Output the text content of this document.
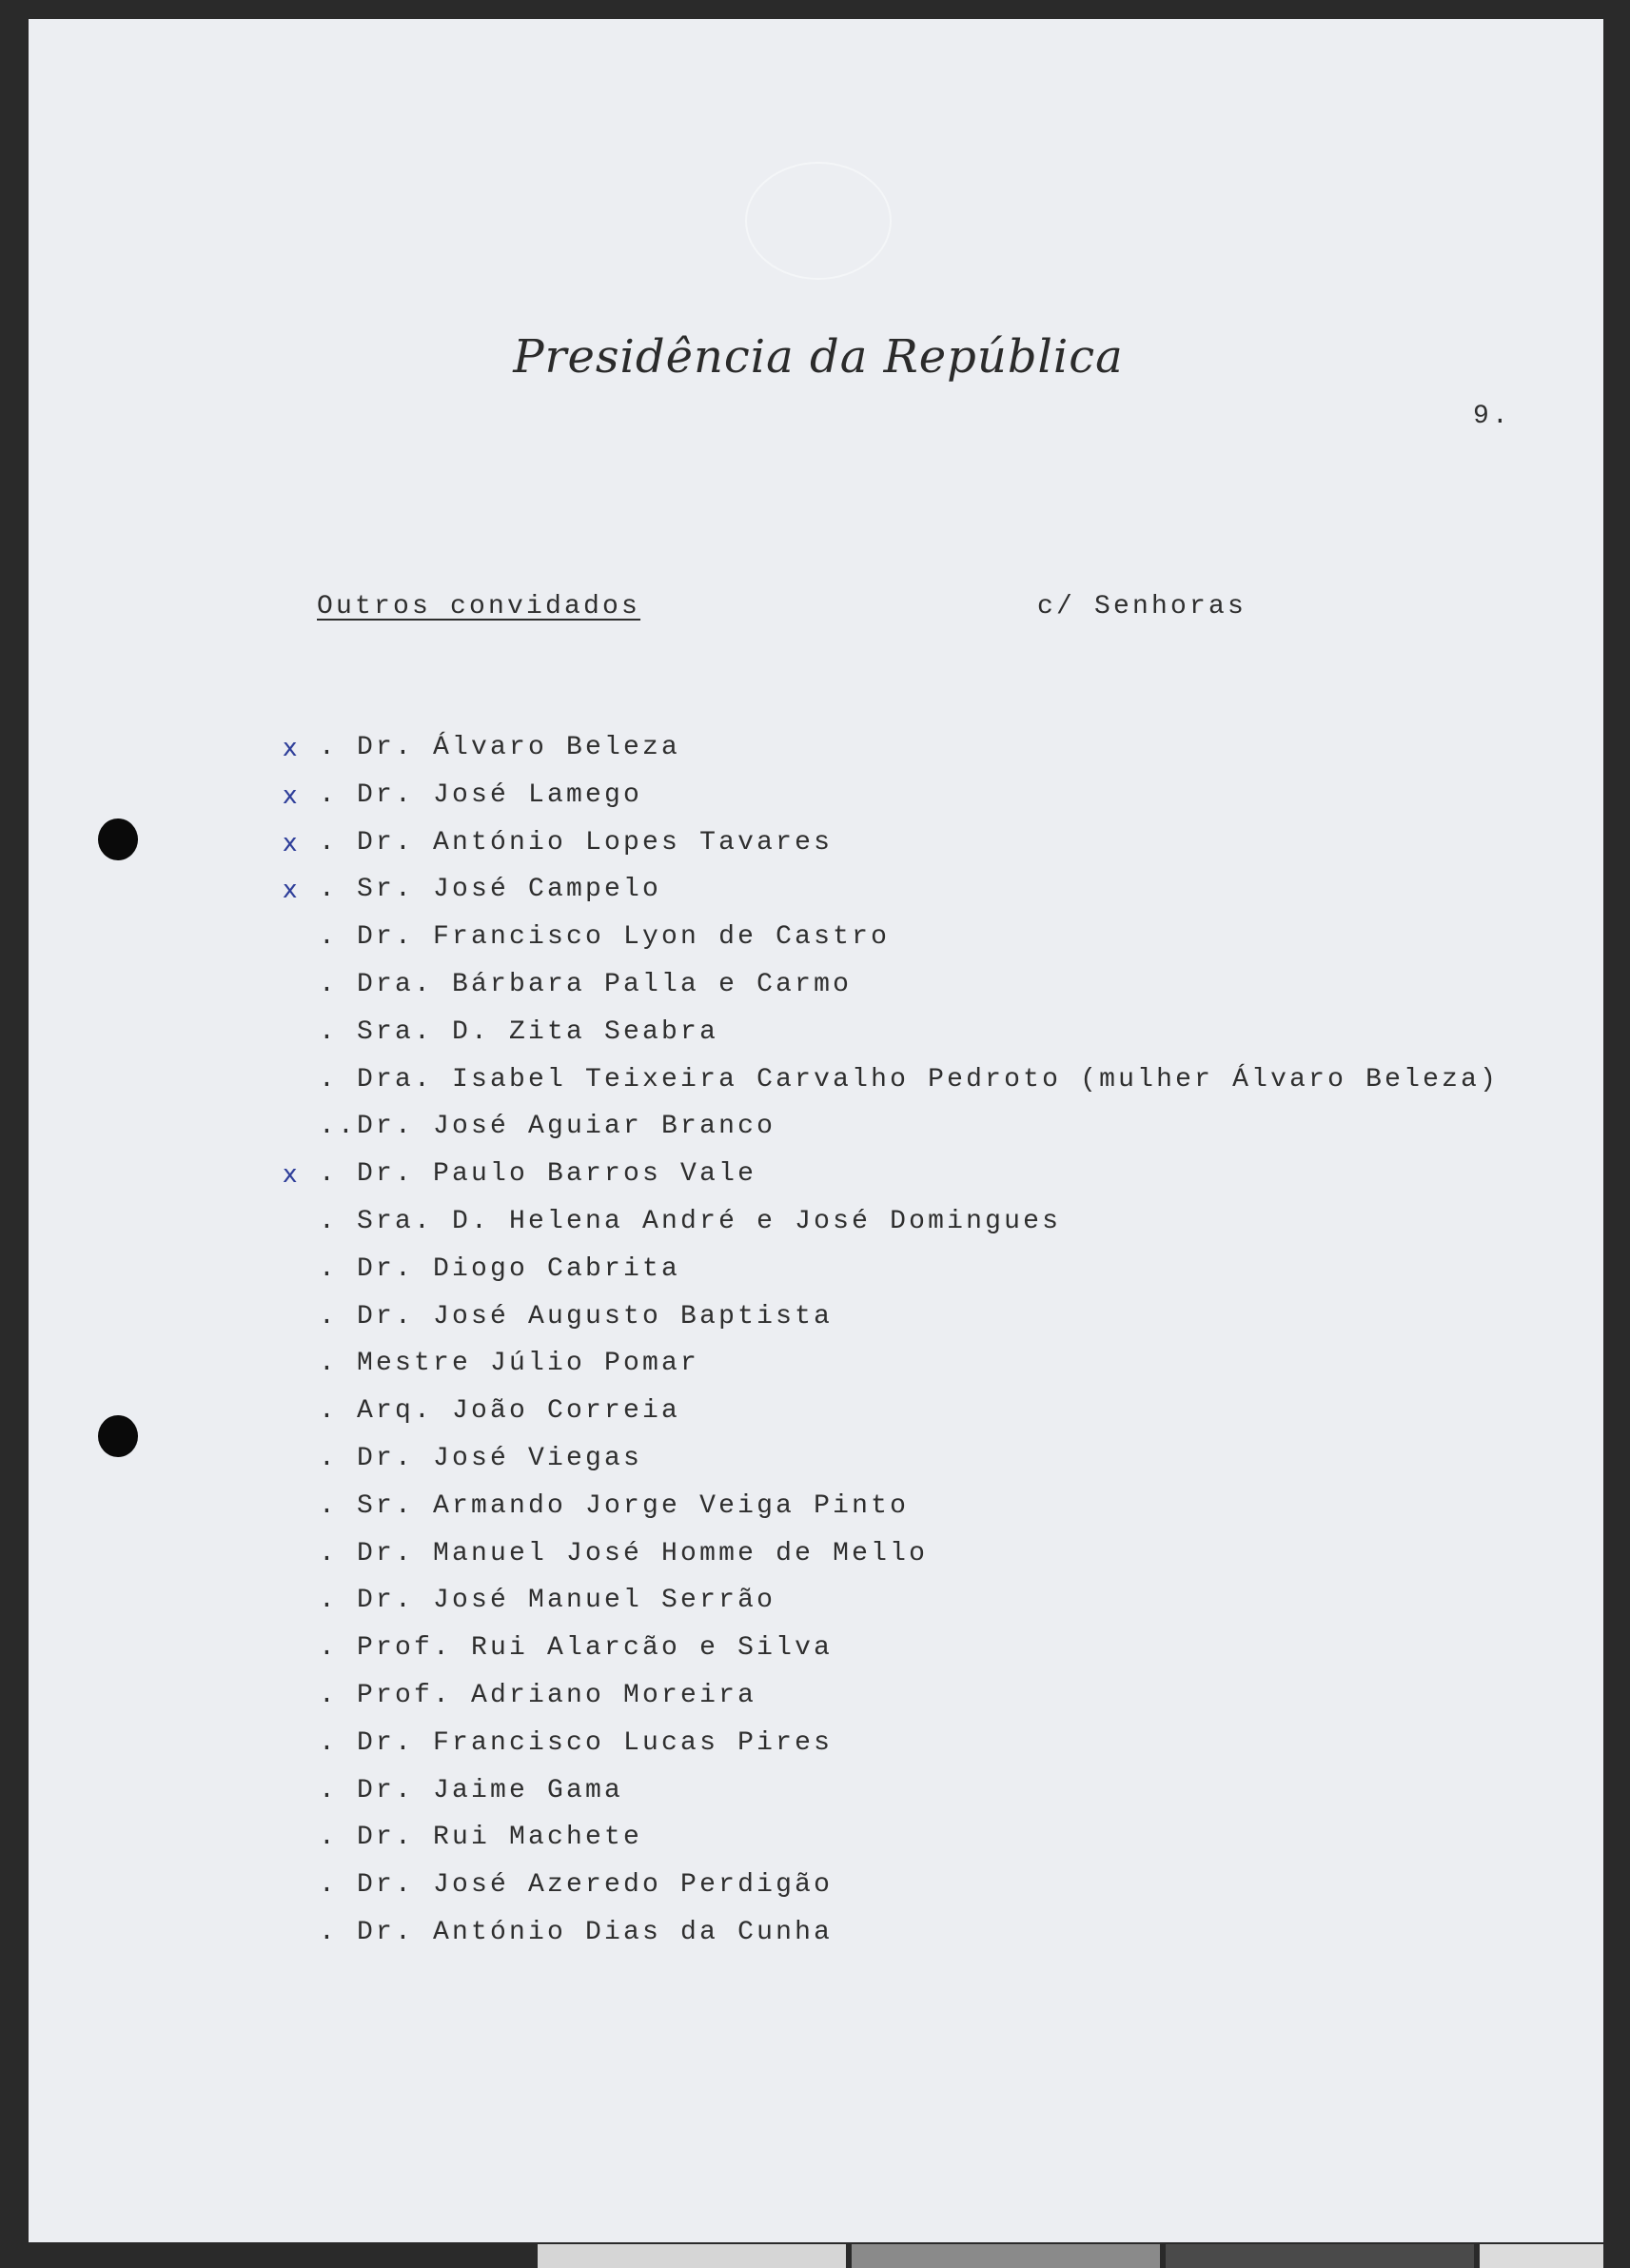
Presidência da República
9.
Outros convidados	c/ Senhoras
x . Dr. Álvaro Beleza
x . Dr. José Lamego
x . Dr. António Lopes Tavares
x . Sr. José Campelo
. Dr. Francisco Lyon de Castro
. Dra. Bárbara Palla e Carmo
. Sra. D. Zita Seabra
. Dra. Isabel Teixeira Carvalho Pedroto (mulher Álvaro Beleza)
..Dr. José Aguiar Branco
x . Dr. Paulo Barros Vale
. Sra. D. Helena André e José Domingues
. Dr. Diogo Cabrita
. Dr. José Augusto Baptista
. Mestre Júlio Pomar
. Arq. João Correia
. Dr. José Viegas
. Sr. Armando Jorge Veiga Pinto
. Dr. Manuel José Homme de Mello
. Dr. José Manuel Serrão
. Prof. Rui Alarcão e Silva
. Prof. Adriano Moreira
. Dr. Francisco Lucas Pires
. Dr. Jaime Gama
. Dr. Rui Machete
. Dr. José Azeredo Perdigão
. Dr. António Dias da Cunha
